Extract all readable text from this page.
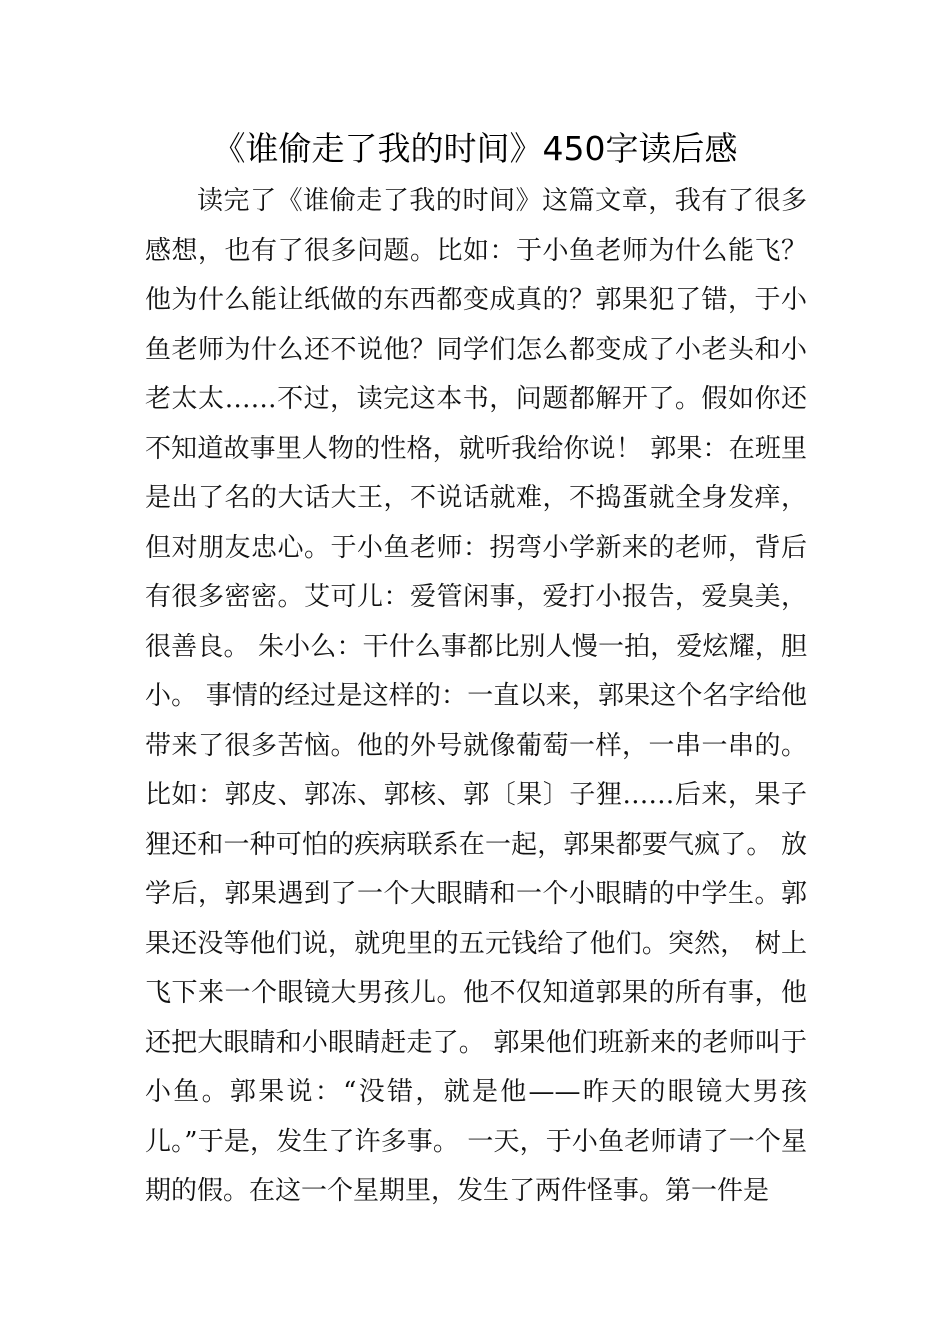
《谁偷走了我的时间》450字读后感

读完了《谁偷走了我的时间》这篇文章，我有了很多感想，也有了很多问题。比如：于小鱼老师为什么能飞？他为什么能让纸做的东西都变成真的？郭果犯了错，于小鱼老师为什么还不说他？同学们怎么都变成了小老头和小老太太……不过，读完这本书，问题都解开了。假如你还不知道故事里人物的性格，就听我给你说！ 郭果：在班里是出了名的大话大王，不说话就难，不捣蛋就全身发痒，但对朋友忠心。于小鱼老师：拐弯小学新来的老师，背后有很多密密。艾可儿：爱管闲事，爱打小报告，爱臭美，很善良。 朱小么：干什么事都比别人慢一拍，爱炫耀，胆小。 事情的经过是这样的：一直以来，郭果这个名字给他带来了很多苦恼。他的外号就像葡萄一样，一串一串的。比如：郭皮、郭冻、郭核、郭〔果〕子狸……后来，果子狸还和一种可怕的疾病联系在一起，郭果都要气疯了。 放学后，郭果遇到了一个大眼睛和一个小眼睛的中学生。郭果还没等他们说，就兜里的五元钱给了他们。突然， 树上飞下来一个眼镜大男孩儿。他不仅知道郭果的所有事，他还把大眼睛和小眼睛赶走了。 郭果他们班新来的老师叫于小鱼。郭果说：“没错，就是他——昨天的眼镜大男孩儿。”于是，发生了许多事。 一天，于小鱼老师请了一个星期的假。在这一个星期里，发生了两件怪事。第一件是
